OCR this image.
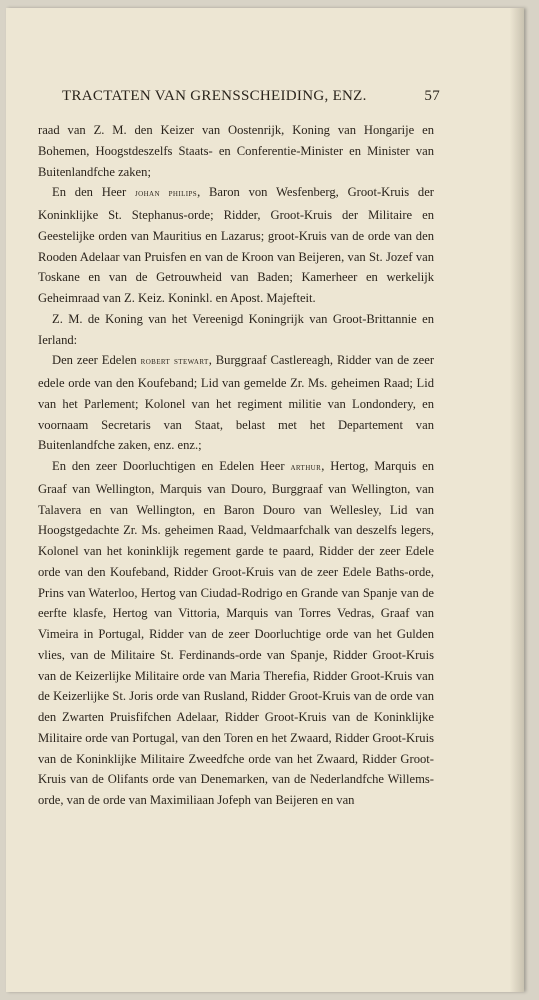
TRACTATEN VAN GRENSSCHEIDING, ENZ.	57

raad van Z. M. den Keizer van Oostenrijk, Koning van Hongarije en Bohemen, Hoogstdeszelfs Staats- en Conferentie-Minister en Minister van Buitenlandfche zaken;

En den Heer johan philips, Baron von Wesfenberg, Groot-Kruis der Koninklijke St. Stephanus-orde; Ridder, Groot-Kruis der Militaire en Geestelijke orden van Mauritius en Lazarus; groot-Kruis van de orde van den Rooden Adelaar van Pruisfen en van de Kroon van Beijeren, van St. Jozef van Toskane en van de Getrouwheid van Baden; Kamerheer en werkelijk Geheimraad van Z. Keiz. Koninkl. en Apost. Majefteit.

Z. M. de Koning van het Vereenigd Koningrijk van Groot-Brittannie en Ierland:

Den zeer Edelen robert stewart, Burggraaf Castlereagh, Ridder van de zeer edele orde van den Koufeband; Lid van gemelde Zr. Ms. geheimen Raad; Lid van het Parlement; Kolonel van het regiment militie van Londondery, en voornaam Secretaris van Staat, belast met het Departement van Buitenlandfche zaken, enz. enz.;

En den zeer Doorluchtigen en Edelen Heer arthur, Hertog, Marquis en Graaf van Wellington, Marquis van Douro, Burggraaf van Wellington, van Talavera en van Wellington, en Baron Douro van Wellesley, Lid van Hoogstgedachte Zr. Ms. geheimen Raad, Veldmaarfchalk van deszelfs legers, Kolonel van het koninklijk regement garde te paard, Ridder der zeer Edele orde van den Koufeband, Ridder Groot-Kruis van de zeer Edele Baths-orde, Prins van Waterloo, Hertog van Ciudad-Rodrigo en Grande van Spanje van de eerfte klasfe, Hertog van Vittoria, Marquis van Torres Vedras, Graaf van Vimeira in Portugal, Ridder van de zeer Doorluchtige orde van het Gulden vlies, van de Militaire St. Ferdinands-orde van Spanje, Ridder Groot-Kruis van de Keizerlijke Militaire orde van Maria Therefia, Ridder Groot-Kruis van de Keizerlijke St. Joris orde van Rusland, Ridder Groot-Kruis van de orde van den Zwarten Pruisfifchen Adelaar, Ridder Groot-Kruis van de Koninklijke Militaire orde van Portugal, van den Toren en het Zwaard, Ridder Groot-Kruis van de Koninklijke Militaire Zweedfche orde van het Zwaard, Ridder Groot-Kruis van de Olifants orde van Denemarken, van de Nederlandfche Willems-orde, van de orde van Maximiliaan Jofeph van Beijeren en van
